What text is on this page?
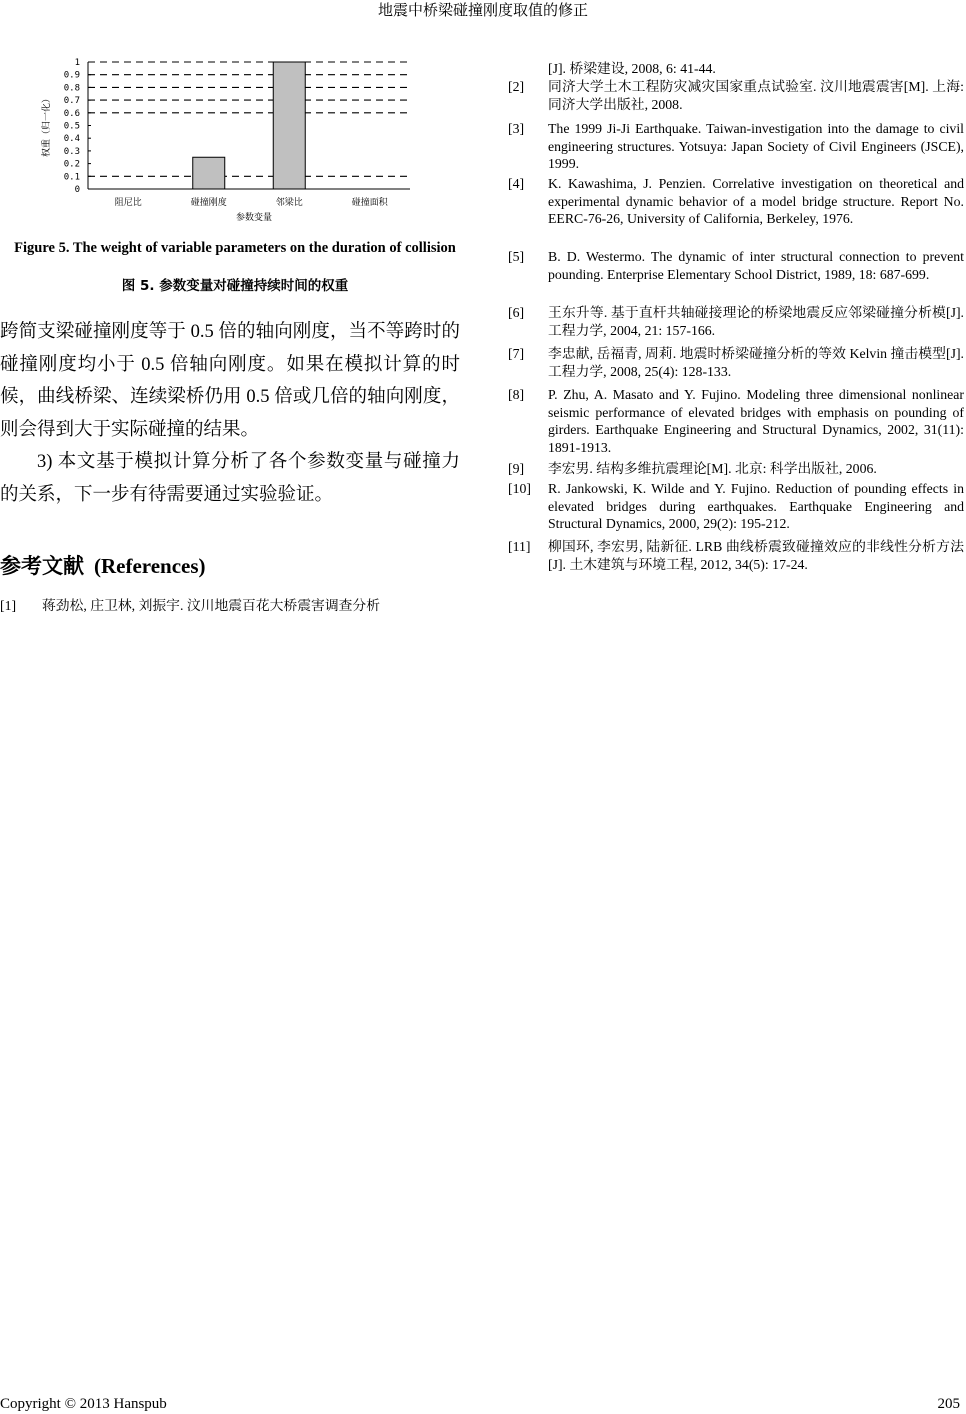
地震中桥梁碰撞刚度取值的修正
0
0.1
0.2
0.3
0.4
0.5
0.6
0.7
0.8
0.9
1
阻尼比	碰撞刚度	邻梁比	碰撞面积
参数变量
权重（归一化）
Figure 5. The weight of variable parameters on the duration of collision
图 5. 参数变量对碰撞持续时间的权重

跨简支梁碰撞刚度等于 0.5 倍的轴向刚度，当不等跨时的碰撞刚度均小于 0.5 倍轴向刚度。如果在模拟计算的时候，曲线桥梁、连续梁桥仍用 0.5 倍或几倍的轴向刚度，则会得到大于实际碰撞的结果。

3) 本文基于模拟计算分析了各个参数变量与碰撞力的关系，下一步有待需要通过实验验证。

参考文献 (References)
[1] 蒋劲松, 庄卫林, 刘振宇. 汶川地震百花大桥震害调查分析
[J]. 桥梁建设, 2008, 6: 41-44.
[2] 同济大学土木工程防灾减灾国家重点试验室. 汶川地震震害[M]. 上海: 同济大学出版社, 2008.
[3] The 1999 Ji-Ji Earthquake. Taiwan-investigation into the damage to civil engineering structures. Yotsuya: Japan Society of Civil Engineers (JSCE), 1999.
[4] K. Kawashima, J. Penzien. Correlative investigation on theoretical and experimental dynamic behavior of a model bridge structure. Report No. EERC-76-26, University of California, Berkeley, 1976.
[5] B. D. Westermo. The dynamic of inter structural connection to prevent pounding. Enterprise Elementary School District, 1989, 18: 687-699.
[6] 王东升等. 基于直杆共轴碰接理论的桥梁地震反应邻梁碰撞分析模[J]. 工程力学, 2004, 21: 157-166.
[7] 李忠献, 岳福青, 周莉. 地震时桥梁碰撞分析的等效 Kelvin 撞击模型[J]. 工程力学, 2008, 25(4): 128-133.
[8] P. Zhu, A. Masato and Y. Fujino. Modeling three dimensional nonlinear seismic performance of elevated bridges with emphasis on pounding of girders. Earthquake Engineering and Structural Dynamics, 2002, 31(11): 1891-1913.
[9] 李宏男. 结构多维抗震理论[M]. 北京: 科学出版社, 2006.
[10] R. Jankowski, K. Wilde and Y. Fujino. Reduction of pounding effects in elevated bridges during earthquakes. Earthquake Engineering and Structural Dynamics, 2000, 29(2): 195-212.
[11] 柳国环, 李宏男, 陆新征. LRB 曲线桥震致碰撞效应的非线性分析方法[J]. 土木建筑与环境工程, 2012, 34(5): 17-24.
Copyright © 2013 Hanspub	205
